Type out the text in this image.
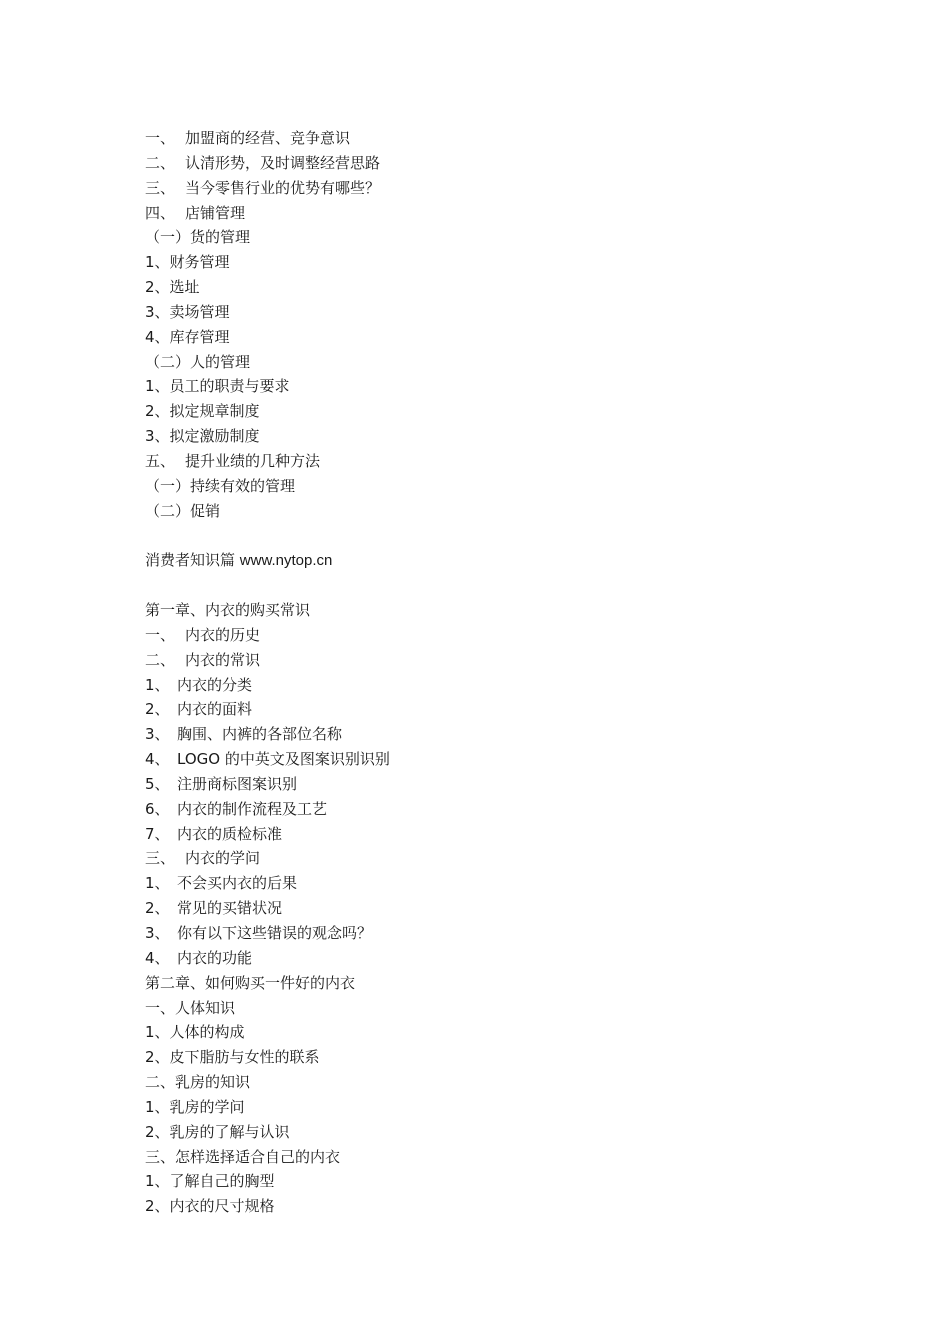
一、 加盟商的经营、竞争意识
二、 认清形势，及时调整经营思路
三、 当今零售行业的优势有哪些？
四、 店铺管理
（一）货的管理
1、财务管理
2、选址
3、卖场管理
4、库存管理
（二）人的管理
1、员工的职责与要求
2、拟定规章制度
3、拟定激励制度
五、 提升业绩的几种方法
（一）持续有效的管理
（二）促销
消费者知识篇 www.nytop.cn
第一章、内衣的购买常识
一、 内衣的历史
二、 内衣的常识
1、 内衣的分类
2、 内衣的面料
3、 胸围、内裤的各部位名称
4、 LOGO 的中英文及图案识别识别
5、 注册商标图案识别
6、 内衣的制作流程及工艺
7、 内衣的质检标准
三、 内衣的学问
1、 不会买内衣的后果
2、 常见的买错状况
3、 你有以下这些错误的观念吗？
4、 内衣的功能
第二章、如何购买一件好的内衣
一、人体知识
1、人体的构成
2、皮下脂肪与女性的联系
二、乳房的知识
1、乳房的学问
2、乳房的了解与认识
三、怎样选择适合自己的内衣
1、了解自己的胸型
2、内衣的尺寸规格
